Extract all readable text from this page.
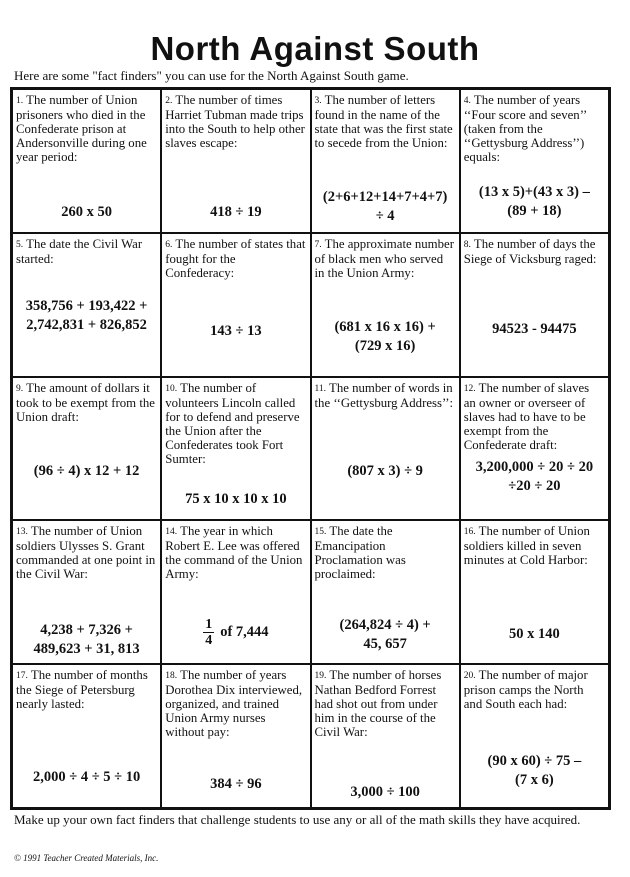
North Against South
Here are some "fact finders" you can use for the North Against South game.
1. The number of Union prisoners who died in the Confederate prison at Andersonville during one year period:
260 x 50
2. The number of times Harriet Tubman made trips into the South to help other slaves escape:
418 ÷ 19
3. The number of letters found in the name of the state that was the first state to secede from the Union:
(2+6+12+14+7+4+7)
÷ 4
4. The number of years ‘‘Four score and seven’’ (taken from the ‘‘Gettysburg Address’’) equals:
(13 x 5)+(43 x 3) –
(89 + 18)
5. The date the Civil War started:
358,756 + 193,422 +
2,742,831 + 826,852
6. The number of states that fought for the Confederacy:
143 ÷ 13
7. The approximate number of black men who served in the Union Army:
(681 x 16 x 16) +
(729 x 16)
8. The number of days the Siege of Vicksburg raged:
94523 - 94475
9. The amount of dollars it took to be exempt from the Union draft:
(96 ÷ 4) x 12 + 12
10. The number of volunteers Lincoln called for to defend and preserve the Union after the Confederates took Fort Sumter:
75 x 10 x 10 x 10
11. The number of words in the ‘‘Gettysburg Address’’:
(807 x 3) ÷ 9
12. The number of slaves an owner or overseer of slaves had to have to be exempt from the Confederate draft:
3,200,000 ÷ 20 ÷ 20
÷20 ÷ 20
13. The number of Union soldiers Ulysses S. Grant commanded at one point in the Civil War:
4,238 + 7,326 +
489,623 + 31, 813
14. The year in which Robert E. Lee was offered the command of the Union Army:
$\frac{1}{4}$ of 7,444
15. The date the Emancipation Proclamation was proclaimed:
(264,824 ÷ 4) +
45, 657
16. The number of Union soldiers killed in seven minutes at Cold Harbor:
50 x 140
17. The number of months the Siege of Petersburg nearly lasted:
2,000 ÷ 4 ÷ 5 ÷ 10
18. The number of years Dorothea Dix interviewed, organized, and trained Union Army nurses without pay:
384 ÷ 96
19. The number of horses Nathan Bedford Forrest had shot out from under him in the course of the Civil War:
3,000 ÷ 100
20. The number of major prison camps the North and South each had:
(90 x 60) ÷ 75 –
(7 x 6)
Make up your own fact finders that challenge students to use any or all of the math skills they have acquired.
© 1991 Teacher Created Materials, Inc.
